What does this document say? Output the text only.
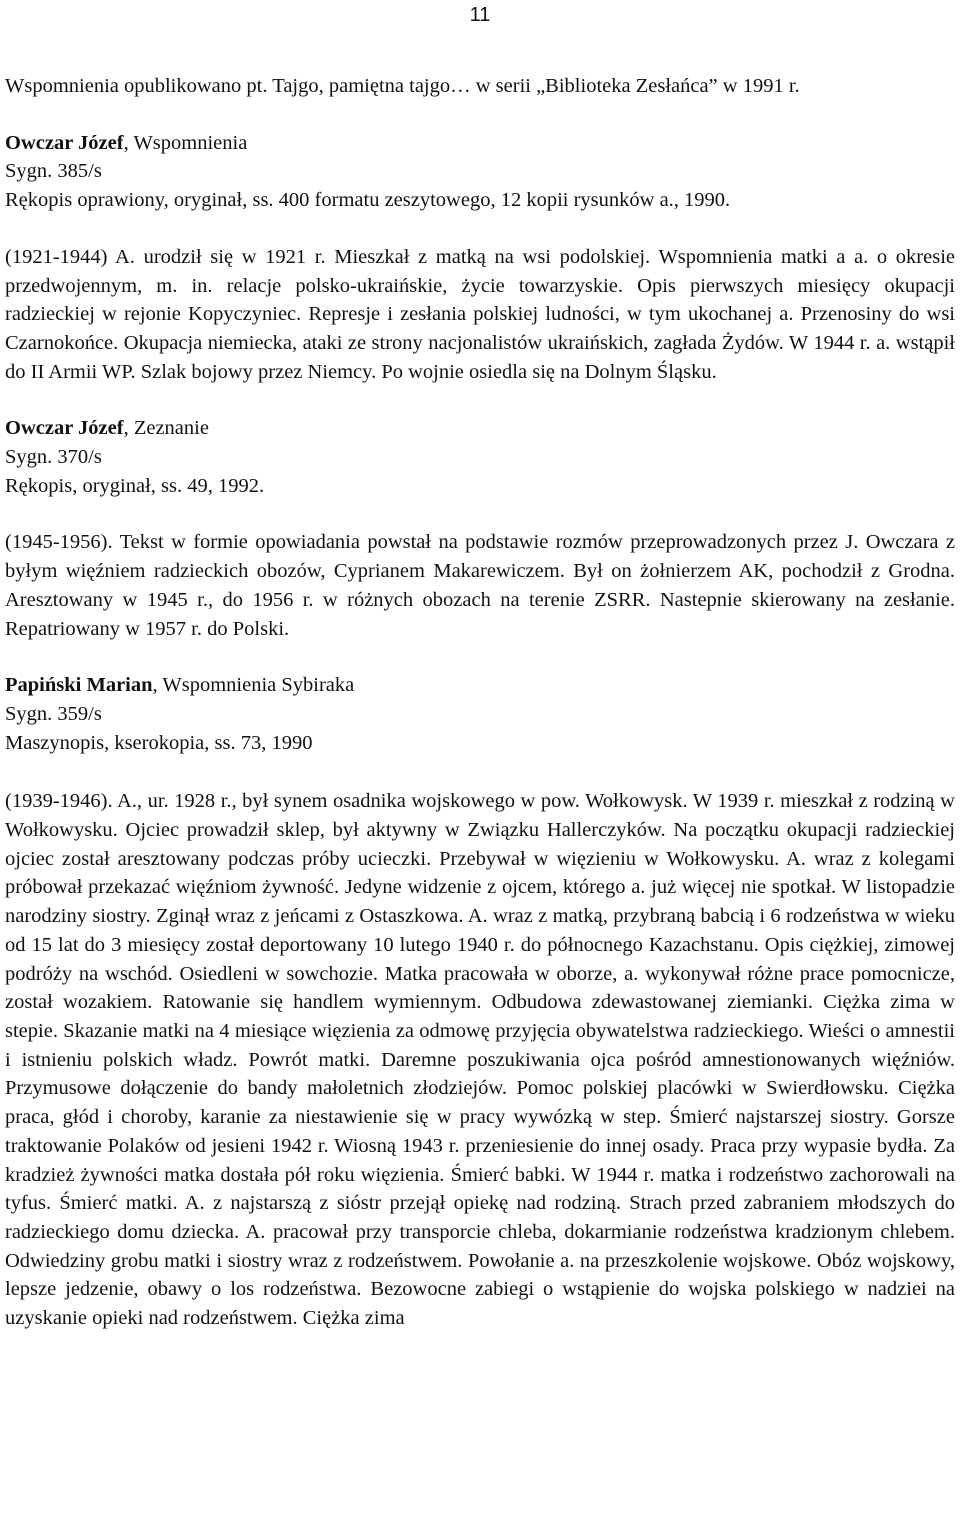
11

Wspomnienia opublikowano pt. Tajgo, pamiętna tajgo… w serii „Biblioteka Zesłańca” w 1991 r.

Owczar Józef, Wspomnienia
Sygn. 385/s
Rękopis oprawiony, oryginał, ss. 400 formatu zeszytowego, 12 kopii rysunków a., 1990.

(1921-1944) A. urodził się w 1921 r. Mieszkał z matką na wsi podolskiej. Wspomnienia matki a a. o okresie przedwojennym, m. in. relacje polsko-ukraińskie, życie towarzyskie. Opis pierwszych miesięcy okupacji radzieckiej w rejonie Kopyczyniec. Represje i zesłania polskiej ludności, w tym ukochanej a. Przenosiny do wsi Czarnokońce. Okupacja niemiecka, ataki ze strony nacjonalistów ukraińskich, zagłada Żydów. W 1944 r. a. wstąpił do II Armii WP. Szlak bojowy przez Niemcy. Po wojnie osiedla się na Dolnym Śląsku.

Owczar Józef, Zeznanie
Sygn. 370/s
Rękopis, oryginał, ss. 49, 1992.

(1945-1956). Tekst w formie opowiadania powstał na podstawie rozmów przeprowadzonych przez J. Owczara z byłym więźniem radzieckich obozów, Cyprianem Makarewiczem. Był on żołnierzem AK, pochodził z Grodna. Aresztowany w 1945 r., do 1956 r. w różnych obozach na terenie ZSRR. Nastepnie skierowany na zesłanie. Repatriowany w 1957 r. do Polski.

Papiński Marian, Wspomnienia Sybiraka
Sygn. 359/s
Maszynopis, kserokopia, ss. 73, 1990

(1939-1946). A., ur. 1928 r., był synem osadnika wojskowego w pow. Wołkowysk. W 1939 r. mieszkał z rodziną w Wołkowysku. Ojciec prowadził sklep, był aktywny w Związku Hallerczyków. Na początku okupacji radzieckiej ojciec został aresztowany podczas próby ucieczki. Przebywał w więzieniu w Wołkowysku. A. wraz z kolegami próbował przekazać więźniom żywność. Jedyne widzenie z ojcem, którego a. już więcej nie spotkał. W listopadzie narodziny siostry. Zginął wraz z jeńcami z Ostaszkowa. A. wraz z matką, przybraną babcią i 6 rodzeństwa w wieku od 15 lat do 3 miesięcy został deportowany 10 lutego 1940 r. do północnego Kazachstanu. Opis ciężkiej, zimowej podróży na wschód. Osiedleni w sowchozie. Matka pracowała w oborze, a. wykonywał różne prace pomocnicze, został wozakiem. Ratowanie się handlem wymiennym. Odbudowa zdewastowanej ziemianki. Ciężka zima w stepie. Skazanie matki na 4 miesiące więzienia za odmowę przyjęcia obywatelstwa radzieckiego. Wieści o amnestii i istnieniu polskich władz. Powrót matki. Daremne poszukiwania ojca pośród amnestionowanych więźniów. Przymusowe dołączenie do bandy małoletnich złodziejów. Pomoc polskiej placówki w Swierdłowsku. Ciężka praca, głód i choroby, karanie za niestawienie się w pracy wywózką w step. Śmierć najstarszej siostry. Gorsze traktowanie Polaków od jesieni 1942 r. Wiosną 1943 r. przeniesienie do innej osady. Praca przy wypasie bydła. Za kradzież żywności matka dostała pół roku więzienia. Śmierć babki. W 1944 r. matka i rodzeństwo zachorowali na tyfus. Śmierć matki. A. z najstarszą z sióstr przejął opiekę nad rodziną. Strach przed zabraniem młodszych do radzieckiego domu dziecka. A. pracował przy transporcie chleba, dokarmianie rodzeństwa kradzionym chlebem. Odwiedziny grobu matki i siostry wraz z rodzeństwem. Powołanie a. na przeszkolenie wojskowe. Obóz wojskowy, lepsze jedzenie, obawy o los rodzeństwa. Bezowocne zabiegi o wstąpienie do wojska polskiego w nadziei na uzyskanie opieki nad rodzeństwem. Ciężka zima
